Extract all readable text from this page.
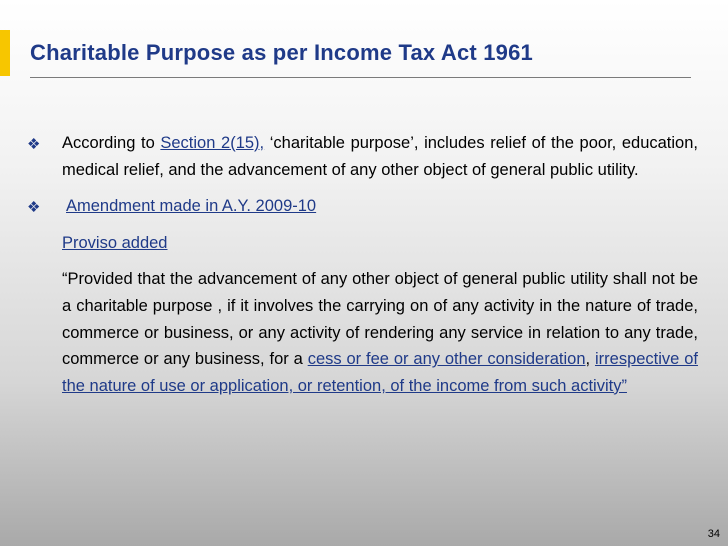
Charitable Purpose as per Income Tax Act 1961
❖ According to Section 2(15), ‘charitable purpose’, includes relief of the poor, education, medical relief, and the advancement of any other object of general public utility.

❖ Amendment made in A.Y. 2009-10

Proviso added

“Provided that the advancement of any other object of general public utility shall not be a charitable purpose , if it involves the carrying on of any activity in the nature of trade, commerce or business, or any activity of rendering any service in relation to any trade, commerce or any business, for a cess or fee or any other consideration, irrespective of the nature of use or application, or retention, of the income from such activity”

34
